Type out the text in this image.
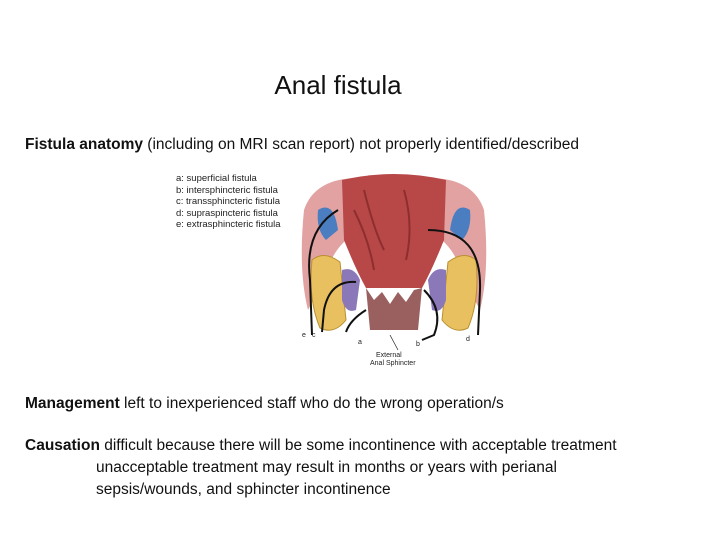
Anal fistula
Fistula anatomy (including on MRI scan report) not properly identified/described
a: superficial fistula
b: intersphincteric fistula
c: transsphincteric fistula
d: supraspincteric fistula
e: extrasphincteric fistula
e c
a	b
d
External
Anal Sphincter
Management left to inexperienced staff who do the wrong operation/s
Causation difficult because there will be some incontinence with acceptable treatment
unacceptable treatment may result in months or years with perianal
sepsis/wounds, and sphincter incontinence
